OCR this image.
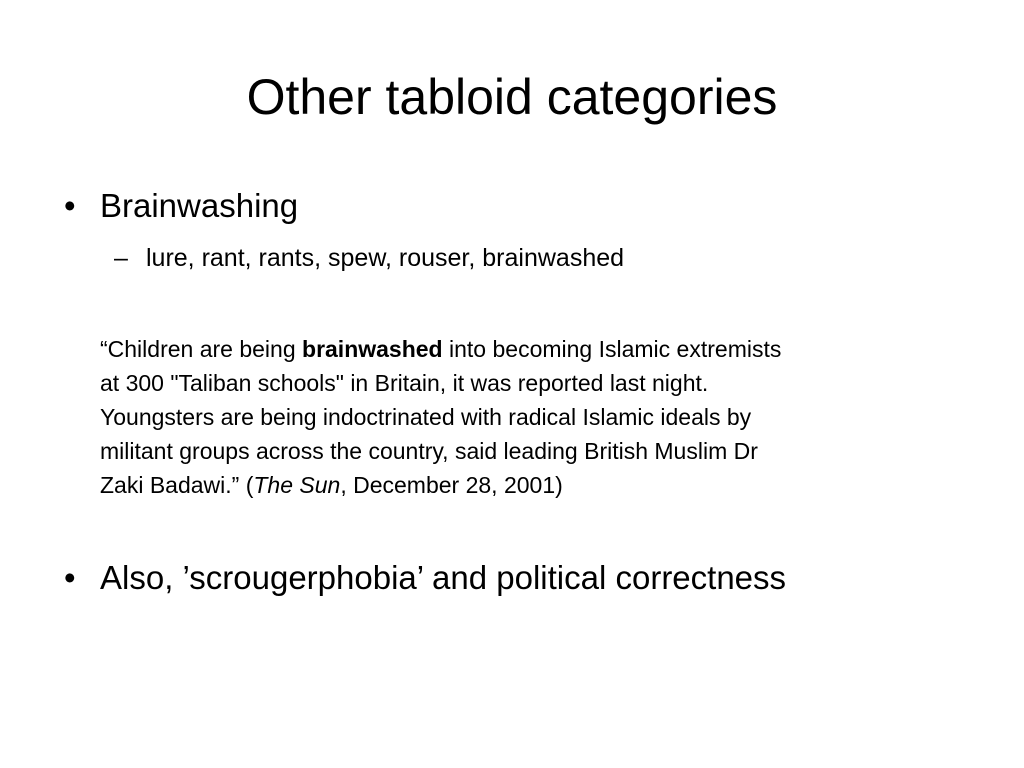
Other tabloid categories
• Brainwashing
– lure, rant, rants, spew, rouser, brainwashed
“Children are being brainwashed into becoming Islamic extremists
at 300 "Taliban schools" in Britain, it was reported last night.
Youngsters are being indoctrinated with radical Islamic ideals by
militant groups across the country, said leading British Muslim Dr
Zaki Badawi.” (The Sun, December 28, 2001)
• Also, ’scrougerphobia’ and political correctness
